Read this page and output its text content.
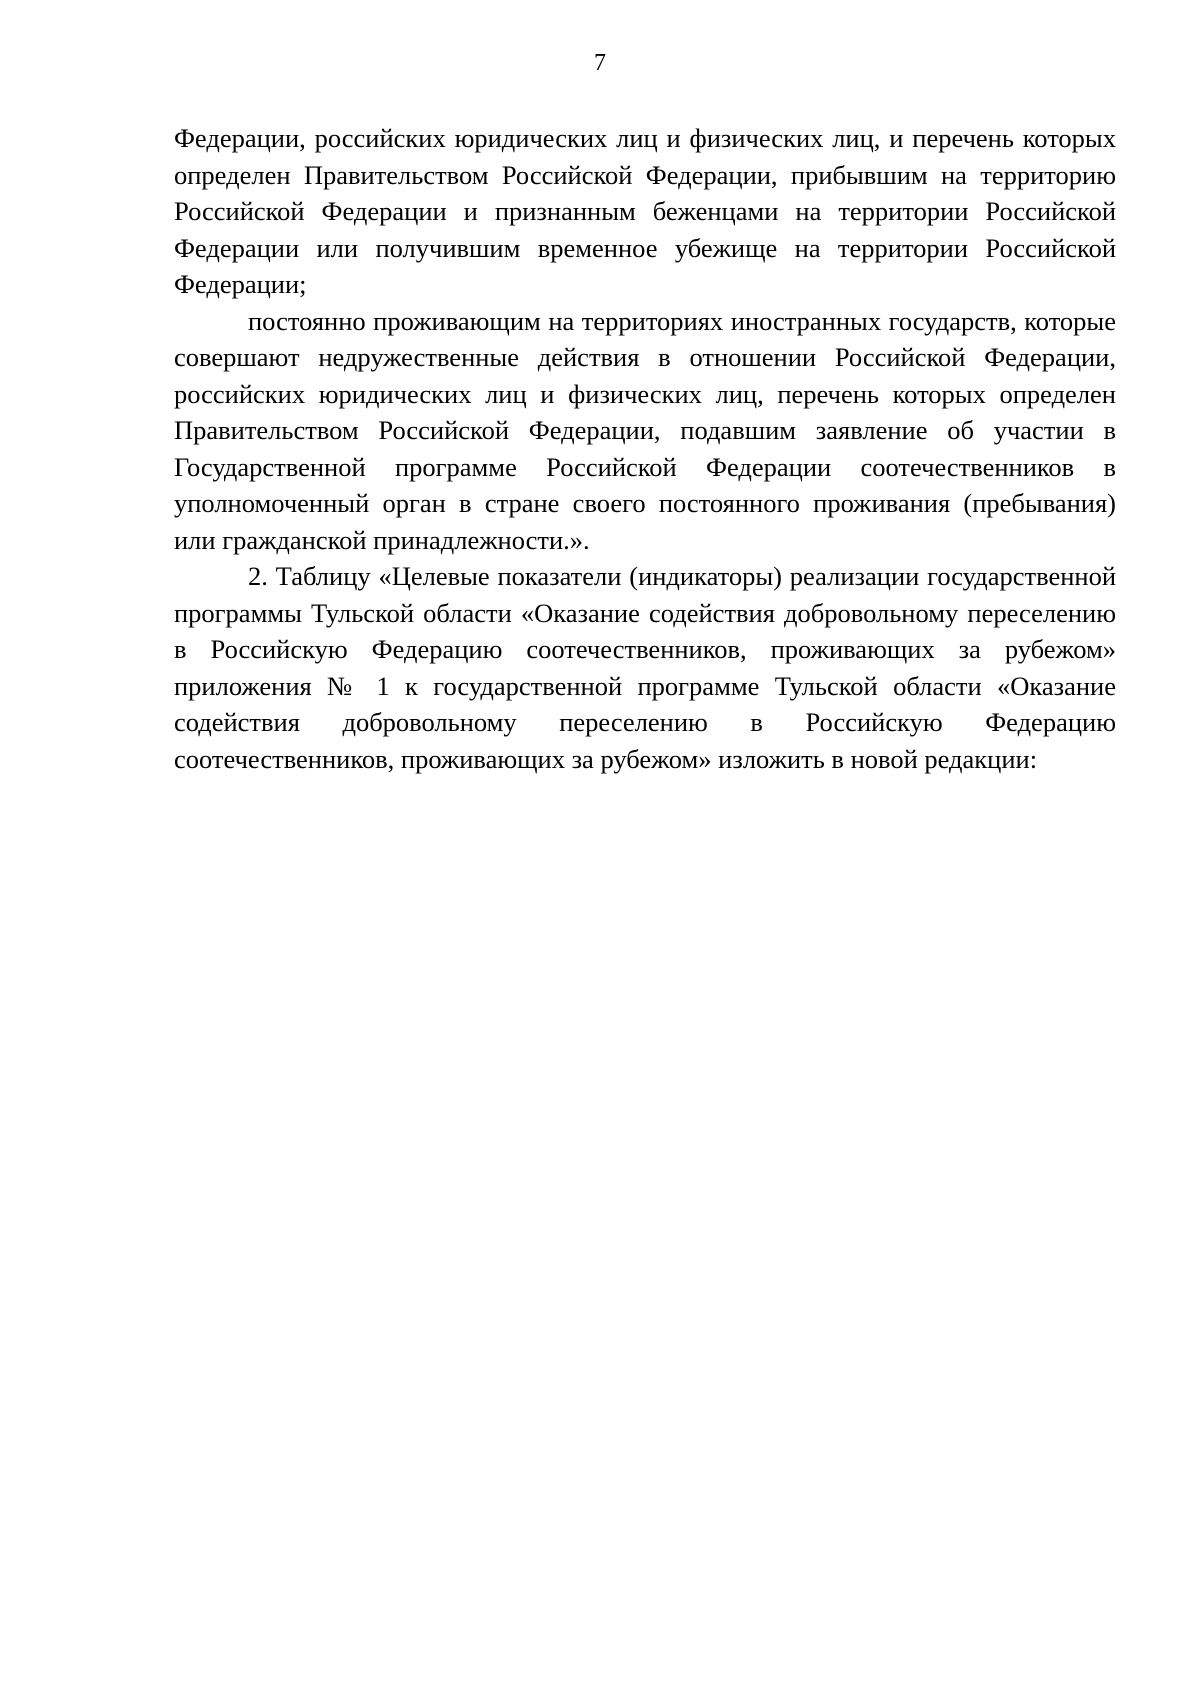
7

Федерации, российских юридических лиц и физических лиц, и перечень которых определен Правительством Российской Федерации, прибывшим на территорию Российской Федерации и признанным беженцами на территории Российской Федерации или получившим временное убежище на территории Российской Федерации;

постоянно проживающим на территориях иностранных государств, которые совершают недружественные действия в отношении Российской Федерации, российских юридических лиц и физических лиц, перечень которых определен Правительством Российской Федерации, подавшим заявление об участии в Государственной программе Российской Федерации соотечественников в уполномоченный орган в стране своего постоянного проживания (пребывания) или гражданской принадлежности.».

2. Таблицу «Целевые показатели (индикаторы) реализации государственной программы Тульской области «Оказание содействия добровольному переселению в Российскую Федерацию соотечественников, проживающих за рубежом» приложения № 1 к государственной программе Тульской области «Оказание содействия добровольному переселению в Российскую Федерацию соотечественников, проживающих за рубежом» изложить в новой редакции:
